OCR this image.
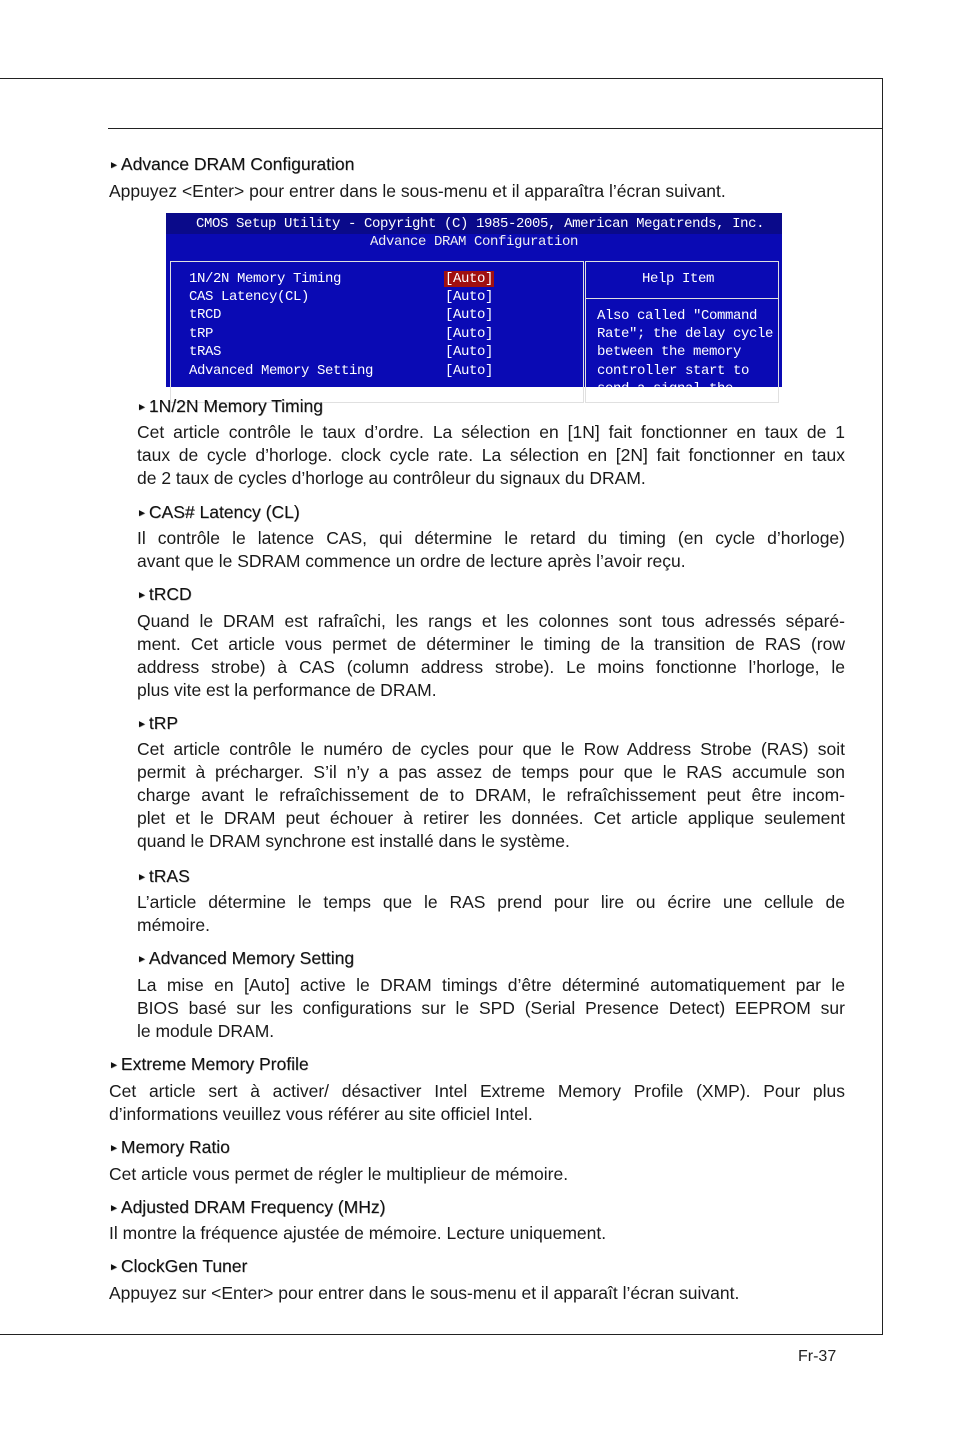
► Advance DRAM Configuration
Appuyez <Enter> pour entrer dans le sous-menu et il apparaîtra l’écran suivant.
CMOS Setup Utility - Copyright (C) 1985-2005, American Megatrends, Inc.
Advance DRAM Configuration
1N/2N Memory Timing
CAS Latency(CL)
tRCD
tRP
tRAS
Advanced Memory Setting
[Auto]
[Auto]
[Auto]
[Auto]
[Auto]
[Auto]
Help Item
Also called "Command
Rate"; the delay cycle
between the memory
controller start to
send a signal the
► 1N/2N Memory Timing
Cet article contrôle le taux d’ordre. La sélection en [1N] fait fonctionner en taux de 1
taux de cycle d’horloge. clock cycle rate. La sélection en [2N] fait fonctionner en taux
de 2 taux de cycles d’horloge au contrôleur du signaux du DRAM.
► CAS# Latency (CL)
Il contrôle le latence CAS, qui détermine le retard du timing (en cycle d’horloge)
avant que le SDRAM commence un ordre de lecture après l’avoir reçu.
► tRCD
Quand le DRAM est rafraîchi, les rangs et les colonnes sont tous adressés séparé-
ment. Cet article vous permet de déterminer le timing de la transition de RAS (row
address strobe) à CAS (column address strobe). Le moins fonctionne l’horloge, le
plus vite est la performance de DRAM.
► tRP
Cet article contrôle le numéro de cycles pour que le Row Address Strobe (RAS) soit
permit à précharger. S’il n’y a pas assez de temps pour que le RAS accumule son
charge avant le refraîchissement de to DRAM, le refraîchissement peut être incom-
plet et le DRAM peut échouer à retirer les données. Cet article applique seulement
quand le DRAM synchrone est installé dans le système.
► tRAS
L’article détermine le temps que le RAS prend pour lire ou écrire une cellule de
mémoire.
► Advanced Memory Setting
La mise en [Auto] active le DRAM timings d’être déterminé automatiquement par le
BIOS basé sur les configurations sur le SPD (Serial Presence Detect) EEPROM sur
le module DRAM.
► Extreme Memory Profile
Cet article sert à activer/ désactiver Intel Extreme Memory Profile (XMP). Pour plus
d’informations veuillez vous référer au site officiel Intel.
► Memory Ratio
Cet article vous permet de régler le multiplieur de mémoire.
► Adjusted DRAM Frequency (MHz)
Il montre la fréquence ajustée de mémoire. Lecture uniquement.
► ClockGen Tuner
Appuyez sur <Enter> pour entrer dans le sous-menu et il apparaît l’écran suivant.
Fr-37
